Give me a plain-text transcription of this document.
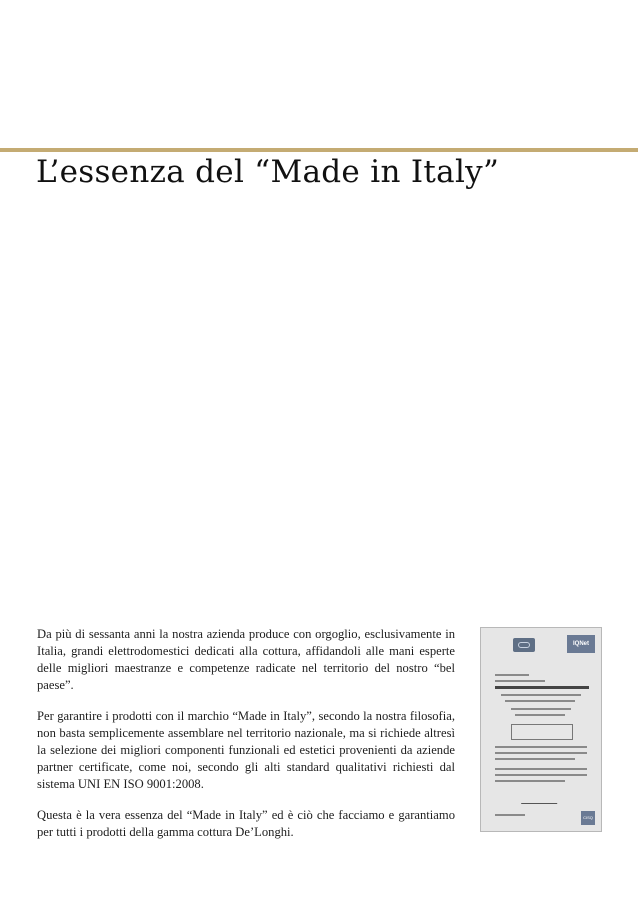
L’essenza del “Made in Italy”

Da più di sessanta anni la nostra azienda produce con orgoglio, esclusivamente in Italia, grandi elettrodomestici dedicati alla cottura, affidandoli alle mani esperte delle migliori maestranze e competenze radicate nel territorio del nostro “bel paese”.

Per garantire i prodotti con il marchio “Made in Italy”, secondo la nostra filosofia, non basta semplicemente assemblare nel territorio nazionale, ma si richiede altresì la selezione dei migliori componenti funzionali ed estetici provenienti da aziende partner certificate, come noi, secondo gli alti standard qualitativi richiesti dal sistema UNI EN ISO 9001:2008.

Questa è la vera essenza del “Made in Italy” ed è ciò che facciamo e garantiamo per tutti i prodotti della gamma cottura De’Longhi.

IQNet
CISQ
